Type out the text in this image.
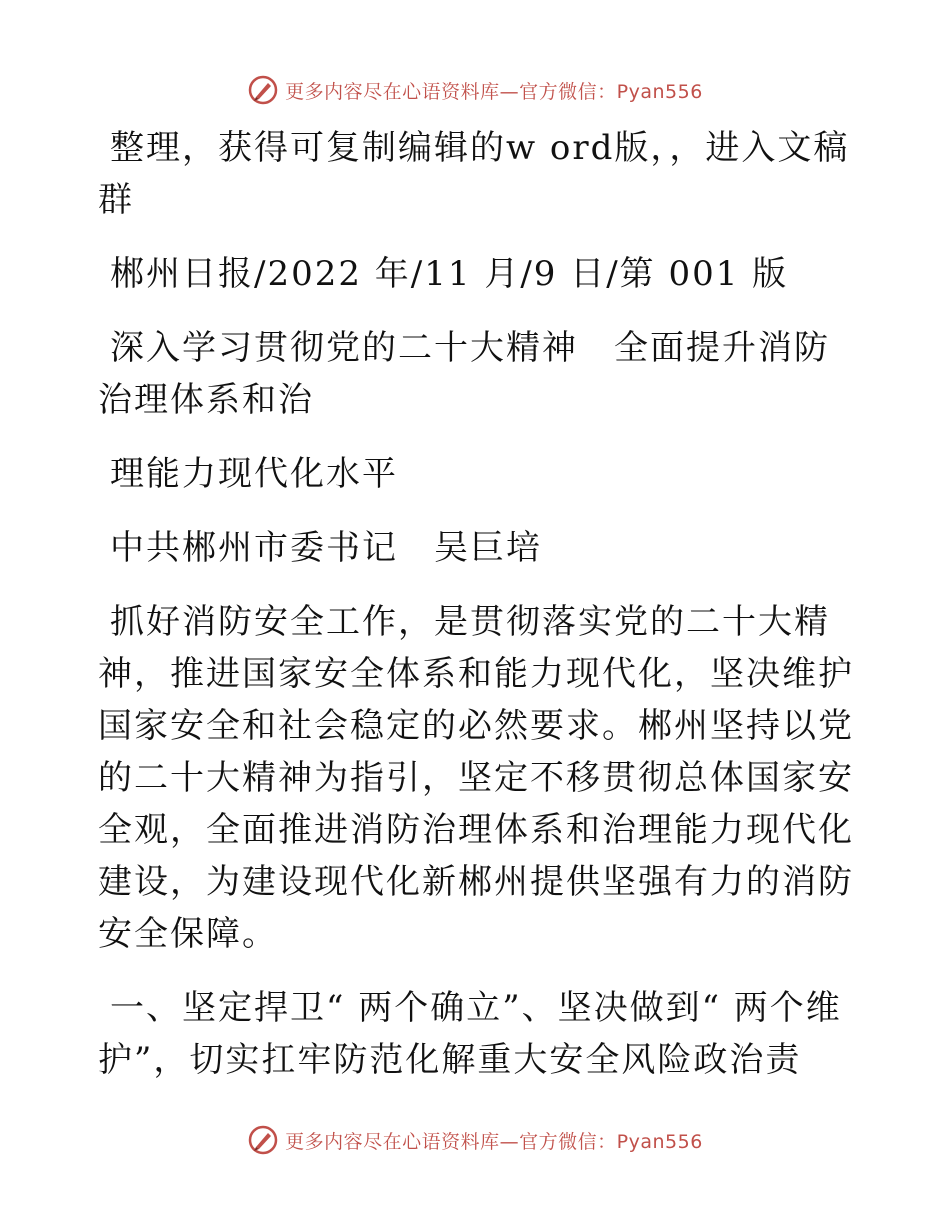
更多内容尽在心语资料库—官方微信：Pyan556

整理，获得可复制编辑的w ord版，，进入文稿群

郴州日报/2022 年/11 月/9 日/第 001 版

深入学习贯彻党的二十大精神　全面提升消防治理体系和治

理能力现代化水平

中共郴州市委书记　吴巨培

抓好消防安全工作，是贯彻落实党的二十大精神，推进国家安全体系和能力现代化，坚决维护国家安全和社会稳定的必然要求。郴州坚持以党的二十大精神为指引，坚定不移贯彻总体国家安全观，全面推进消防治理体系和治理能力现代化建设，为建设现代化新郴州提供坚强有力的消防安全保障。

一、坚定捍卫“ 两个确立”、坚决做到“ 两个维护”，切实扛牢防范化解重大安全风险政治责

更多内容尽在心语资料库—官方微信：Pyan556
